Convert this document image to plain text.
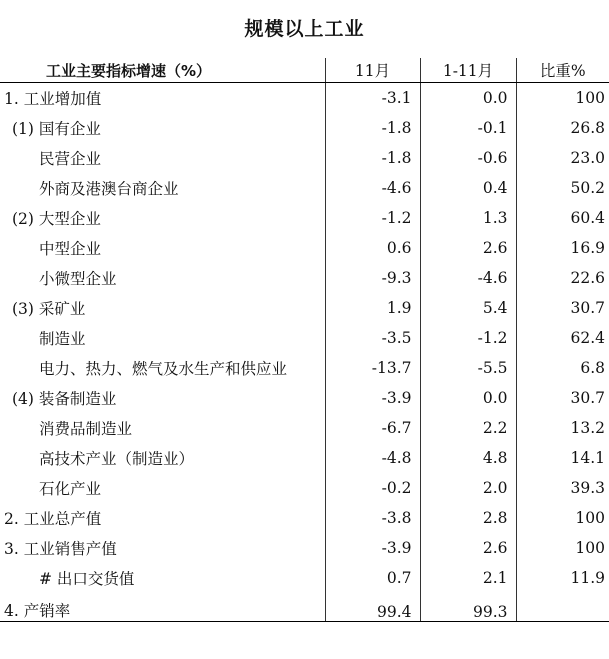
规模以上工业
工业主要指标增速（%）	11月	1-11月	比重%
1. 工业增加值	-3.1	0.0	100
(1) 国有企业	-1.8	-0.1	26.8
民营企业	-1.8	-0.6	23.0
外商及港澳台商企业	-4.6	0.4	50.2
(2) 大型企业	-1.2	1.3	60.4
中型企业	0.6	2.6	16.9
小微型企业	-9.3	-4.6	22.6
(3) 采矿业	1.9	5.4	30.7
制造业	-3.5	-1.2	62.4
电力、热力、燃气及水生产和供应业	-13.7	-5.5	6.8
(4) 装备制造业	-3.9	0.0	30.7
消费品制造业	-6.7	2.2	13.2
高技术产业（制造业）	-4.8	4.8	14.1
石化产业	-0.2	2.0	39.3
2. 工业总产值	-3.8	2.8	100
3. 工业销售产值	-3.9	2.6	100
# 出口交货值	0.7	2.1	11.9
4. 产销率	99.4	99.3	
